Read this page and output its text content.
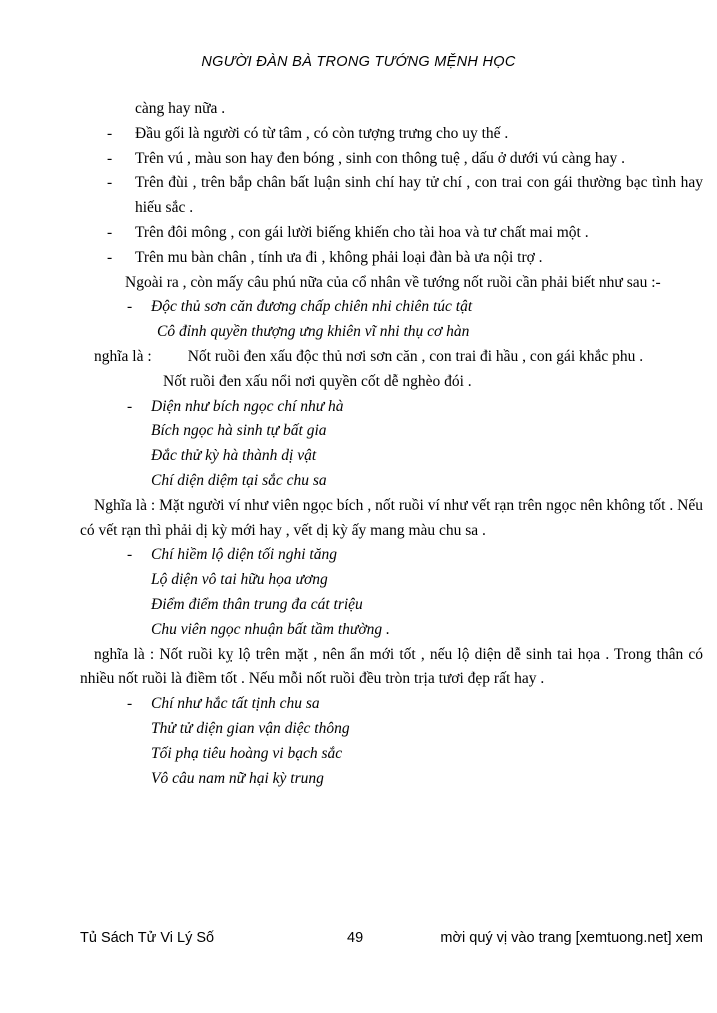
NGƯỜI ĐÀN BÀ TRONG TƯỚNG MỆNH HỌC
càng hay nữa .
- Đầu gối là người có từ tâm , có còn tượng trưng cho uy thế .
- Trên vú , màu son hay đen bóng , sinh con thông tuệ , dấu ở dưới vú càng hay .
- Trên đùi , trên bắp chân bất luận sinh chí hay tử chí , con trai con gái thường bạc tình hay hiếu sắc .
- Trên đôi mông , con gái lười biếng khiến cho tài hoa và tư chất mai một .
- Trên mu bàn chân , tính ưa đi , không phải loại đàn bà ưa nội trợ .
Ngoài ra , còn mấy câu phú nữa của cổ nhân về tướng nốt ruồi cần phải biết như sau :-
- Độc thủ sơn căn đương chấp chiên nhi chiên túc tật
Cô đỉnh quyền thượng ưng khiên vĩ nhi thụ cơ hàn
nghĩa là : Nốt ruồi đen xấu độc thủ nơi sơn căn , con trai đi hầu , con gái khắc phu .
Nốt ruồi đen xấu nổi nơi quyền cốt dễ nghèo đói .
- Diện như bích ngọc chí như hà
Bích ngọc hà sinh tự bất gia
Đắc thử kỳ hà thành dị vật
Chí diện diệm tại sắc chu sa
Nghĩa là : Mặt người ví như viên ngọc bích , nốt ruồi ví như vết rạn trên ngọc nên không tốt . Nếu có vết rạn thì phải dị kỳ mới hay , vết dị kỳ ấy mang màu chu sa .
- Chí hiềm lộ diện tối nghi tăng
Lộ diện vô tai hữu họa ương
Điểm điểm thân trung đa cát triệu
Chu viên ngọc nhuận bất tầm thường .
nghĩa là : Nốt ruồi kỵ lộ trên mặt , nên ẩn mới tốt , nếu lộ diện dễ sinh tai họa . Trong thân có nhiều nốt ruồi là điềm tốt . Nếu mỗi nốt ruồi đều tròn trịa tươi đẹp rất hay .
- Chí như hắc tất tịnh chu sa
Thử tử diện gian vận diệc thông
Tối phạ tiêu hoàng vi bạch sắc
Vô câu nam nữ hại kỳ trung
Tủ Sách Tử Vi Lý Số	49	mời quý vị vào trang [xemtuong.net] xem
